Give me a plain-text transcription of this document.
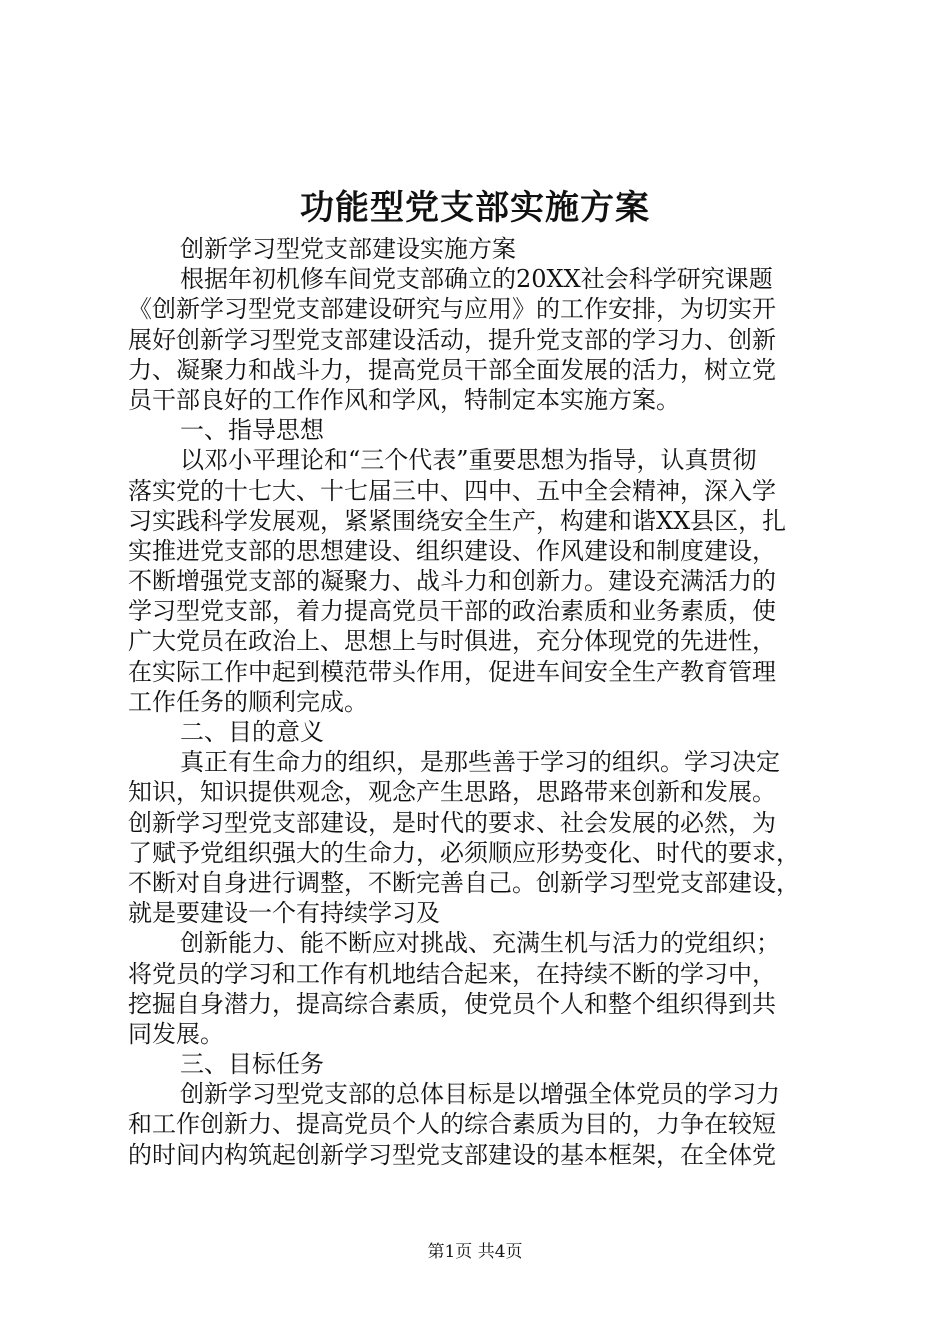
功能型党支部实施方案
创新学习型党支部建设实施方案
根据年初机修车间党支部确立的20XX社会科学研究课题
《创新学习型党支部建设研究与应用》的工作安排，为切实开
展好创新学习型党支部建设活动，提升党支部的学习力、创新
力、凝聚力和战斗力，提高党员干部全面发展的活力，树立党
员干部良好的工作作风和学风，特制定本实施方案。
一、指导思想
以邓小平理论和“三个代表”重要思想为指导，认真贯彻
落实党的十七大、十七届三中、四中、五中全会精神，深入学
习实践科学发展观，紧紧围绕安全生产，构建和谐XX县区，扎
实推进党支部的思想建设、组织建设、作风建设和制度建设，
不断增强党支部的凝聚力、战斗力和创新力。建设充满活力的
学习型党支部，着力提高党员干部的政治素质和业务素质，使
广大党员在政治上、思想上与时俱进，充分体现党的先进性，
在实际工作中起到模范带头作用，促进车间安全生产教育管理
工作任务的顺利完成。
二、目的意义
真正有生命力的组织，是那些善于学习的组织。学习决定
知识，知识提供观念，观念产生思路，思路带来创新和发展。
创新学习型党支部建设，是时代的要求、社会发展的必然，为
了赋予党组织强大的生命力，必须顺应形势变化、时代的要求，
不断对自身进行调整，不断完善自己。创新学习型党支部建设，
就是要建设一个有持续学习及
创新能力、能不断应对挑战、充满生机与活力的党组织；
将党员的学习和工作有机地结合起来，在持续不断的学习中，
挖掘自身潜力，提高综合素质，使党员个人和整个组织得到共
同发展。
三、目标任务
创新学习型党支部的总体目标是以增强全体党员的学习力
和工作创新力、提高党员个人的综合素质为目的，力争在较短
的时间内构筑起创新学习型党支部建设的基本框架，在全体党
第1页 共4页
